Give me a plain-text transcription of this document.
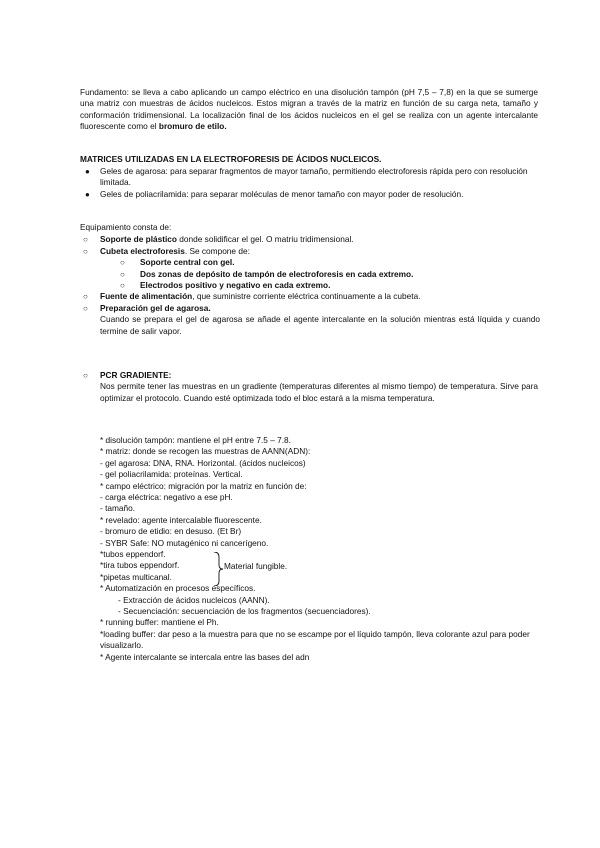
Fundamento: se lleva a cabo aplicando un campo eléctrico en una disolución tampón (pH 7,5 – 7,8) en la que se sumerge una matriz con muestras de ácidos nucleicos. Estos migran a través de la matriz en función de su carga neta, tamaño y conformación tridimensional. La localización final de los ácidos nucleicos en el gel se realiza con un agente intercalante fluorescente como el bromuro de etilo.

MATRICES UTILIZADAS EN LA ELECTROFORESIS DE ÁCIDOS NUCLEICOS.

● Geles de agarosa: para separar fragmentos de mayor tamaño, permitiendo electroforesis rápida pero con resolución limitada.
● Geles de poliacrilamida: para separar moléculas de menor tamaño con mayor poder de resolución.

Equipamiento consta de:

○ Soporte de plástico donde solidificar el gel. O matriu tridimensional.
○ Cubeta electroforesis. Se compone de:
○ Soporte central con gel.
○ Dos zonas de depósito de tampón de electroforesis en cada extremo.
○ Electrodos positivo y negativo en cada extremo.
○ Fuente de alimentación, que suministre corriente eléctrica continuamente a la cubeta.
○ Preparación gel de agarosa.

Cuando se prepara el gel de agarosa se añade el agente intercalante en la solución mientras está líquida y cuando termine de salir vapor.

○ PCR GRADIENTE:

Nos permite tener las muestras en un gradiente (temperaturas diferentes al mismo tiempo) de temperatura. Sirve para optimizar el protocolo. Cuando esté optimizada todo el bloc estará a la misma temperatura.

* disolución tampón: mantiene el pH entre 7.5 – 7.8.

* matriz: donde se recogen las muestras de AANN(ADN):

- gel agarosa: DNA, RNA. Horizontal. (ácidos nucleicos)

- gel poliacrilamida: proteínas. Vertical.

* campo eléctrico: migración por la matriz en función de:

- carga eléctrica: negativo a ese pH.

- tamaño.

* revelado: agente intercalable fluorescente.

- bromuro de etidio: en desuso. (Et Br)

- SYBR Safe: NO mutagénico ni cancerígeno.

*tubos eppendorf.

*tira tubos eppendorf.

*pipetas multicanal.

Material fungible.

* Automatización en procesos específicos.

- Extracción de ácidos nucleicos (AANN).

- Secuenciación: secuenciación de los fragmentos (secuenciadores).

* running buffer: mantiene el Ph.

*loading buffer: dar peso a la muestra para que no se escampe por el líquido tampón, lleva colorante azul para poder visualizarlo.

* Agente intercalante se intercala entre las bases del adn
